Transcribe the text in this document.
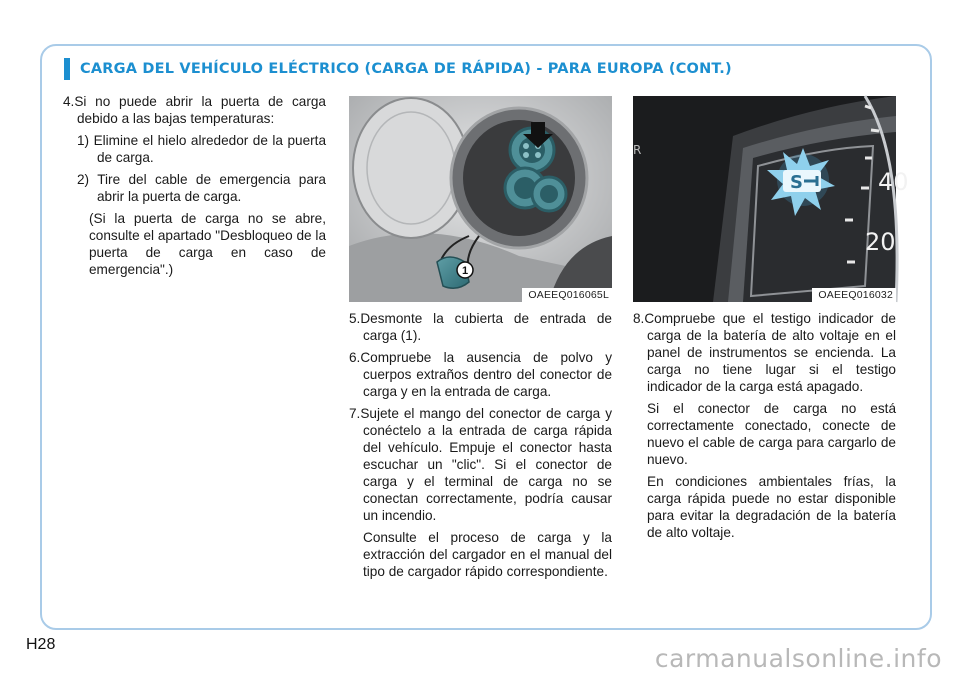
CARGA DEL VEHÍCULO ELÉCTRICO (CARGA DE RÁPIDA) - PARA EUROPA (CONT.)

4.Si no puede abrir la puerta de carga debido a las bajas temperaturas:

1) Elimine el hielo alrededor de la puerta de carga.

2) Tire del cable de emergencia para abrir la puerta de carga.

(Si la puerta de carga no se abre, consulte el apartado "Desbloqueo de la puerta de carga en caso de emergencia".)	1
OAEEQ016065L
40
20
R
S
OAEEQ016032

5.Desmonte la cubierta de entrada de carga (1).

6.Compruebe la ausencia de polvo y cuerpos extraños dentro del conector de carga y en la entrada de carga.

7.Sujete el mango del conector de carga y conéctelo a la entrada de carga rápida del vehículo. Empuje el conector hasta escuchar un "clic". Si el conector de carga y el terminal de carga no se conectan correctamente, podría causar un incendio.

Consulte el proceso de carga y la extracción del cargador en el manual del tipo de cargador rápido correspondiente.

8.Compruebe que el testigo indicador de carga de la batería de alto voltaje en el panel de instrumentos se encienda. La carga no tiene lugar si el testigo indicador de la carga está apagado.

Si el conector de carga no está correctamente conectado, conecte de nuevo el cable de carga para cargarlo de nuevo.

En condiciones ambientales frías, la carga rápida puede no estar disponible para evitar la degradación de la batería de alto voltaje.

H28	carmanualsonline.info
